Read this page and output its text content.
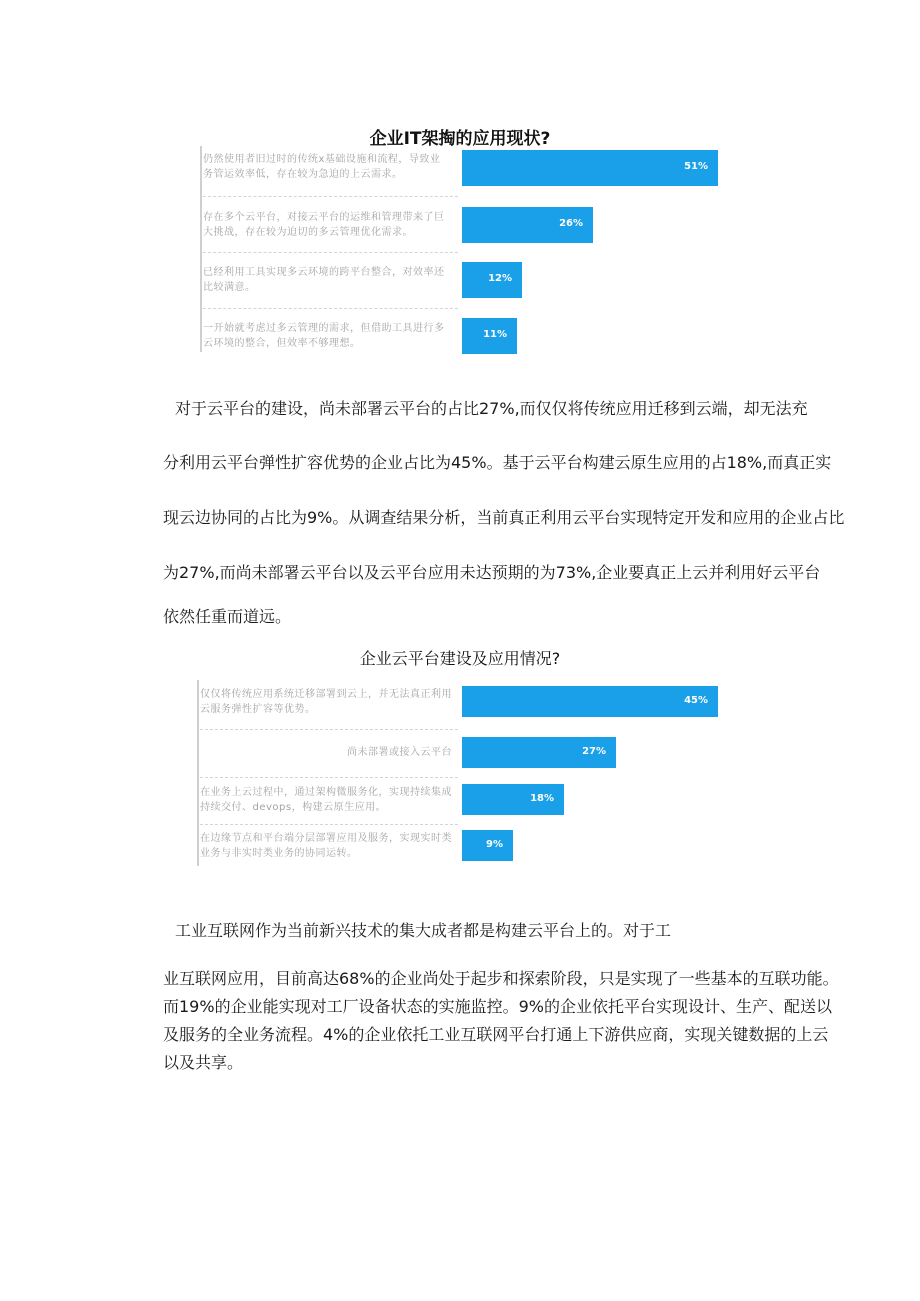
企业IT架掏的应用现状?
仍然使用者旧过时的传统x基础设施和流程，导致业务管运效率低，存在较为急迫的上云需求。
51%
存在多个云平台，对接云平台的运维和管理带来了巨大挑战，存在较为迫切的多云管理优化需求。
26%
已经利用工具实现多云环境的跨平台整合，对效率还比较满意。
12%
一开始就考虑过多云管理的需求，但借助工具进行多云环境的整合，但效率不够理想。
11%
对于云平台的建设，尚未部署云平台的占比27%,而仅仅将传统应用迁移到云端，却无法充
分利用云平台弹性扩容优势的企业占比为45%。基于云平台构建云原生应用的占18%,而真正实
现云边协同的占比为9%。从调查结果分析，当前真正利用云平台实现特定开发和应用的企业占比
为27%,而尚未部署云平台以及云平台应用未达预期的为73%,企业要真正上云并利用好云平台
依然任重而道远。
企业云平台建设及应用情况?
仅仅将传统应用系统迁移部署到云上，并无法真正利用云服务弹性扩容等优势。
45%
尚未部署或接入云平台	27%
在业务上云过程中，通过架构微服务化，实现持续集成持续交付、devops，构建云原生应用。
18%
在边缘节点和平台端分层部署应用及服务，实现实时类业务与非实时类业务的协同运转。
9%
工业互联网作为当前新兴技术的集大成者都是构建云平台上的。对于工
业互联网应用，目前高达68%的企业尚处于起步和探索阶段，只是实现了一些基本的互联功能。
而19%的企业能实现对工厂设备状态的实施监控。9%的企业依托平台实现设计、生产、配送以
及服务的全业务流程。4%的企业依托工业互联网平台打通上下游供应商，实现关键数据的上云
以及共享。
